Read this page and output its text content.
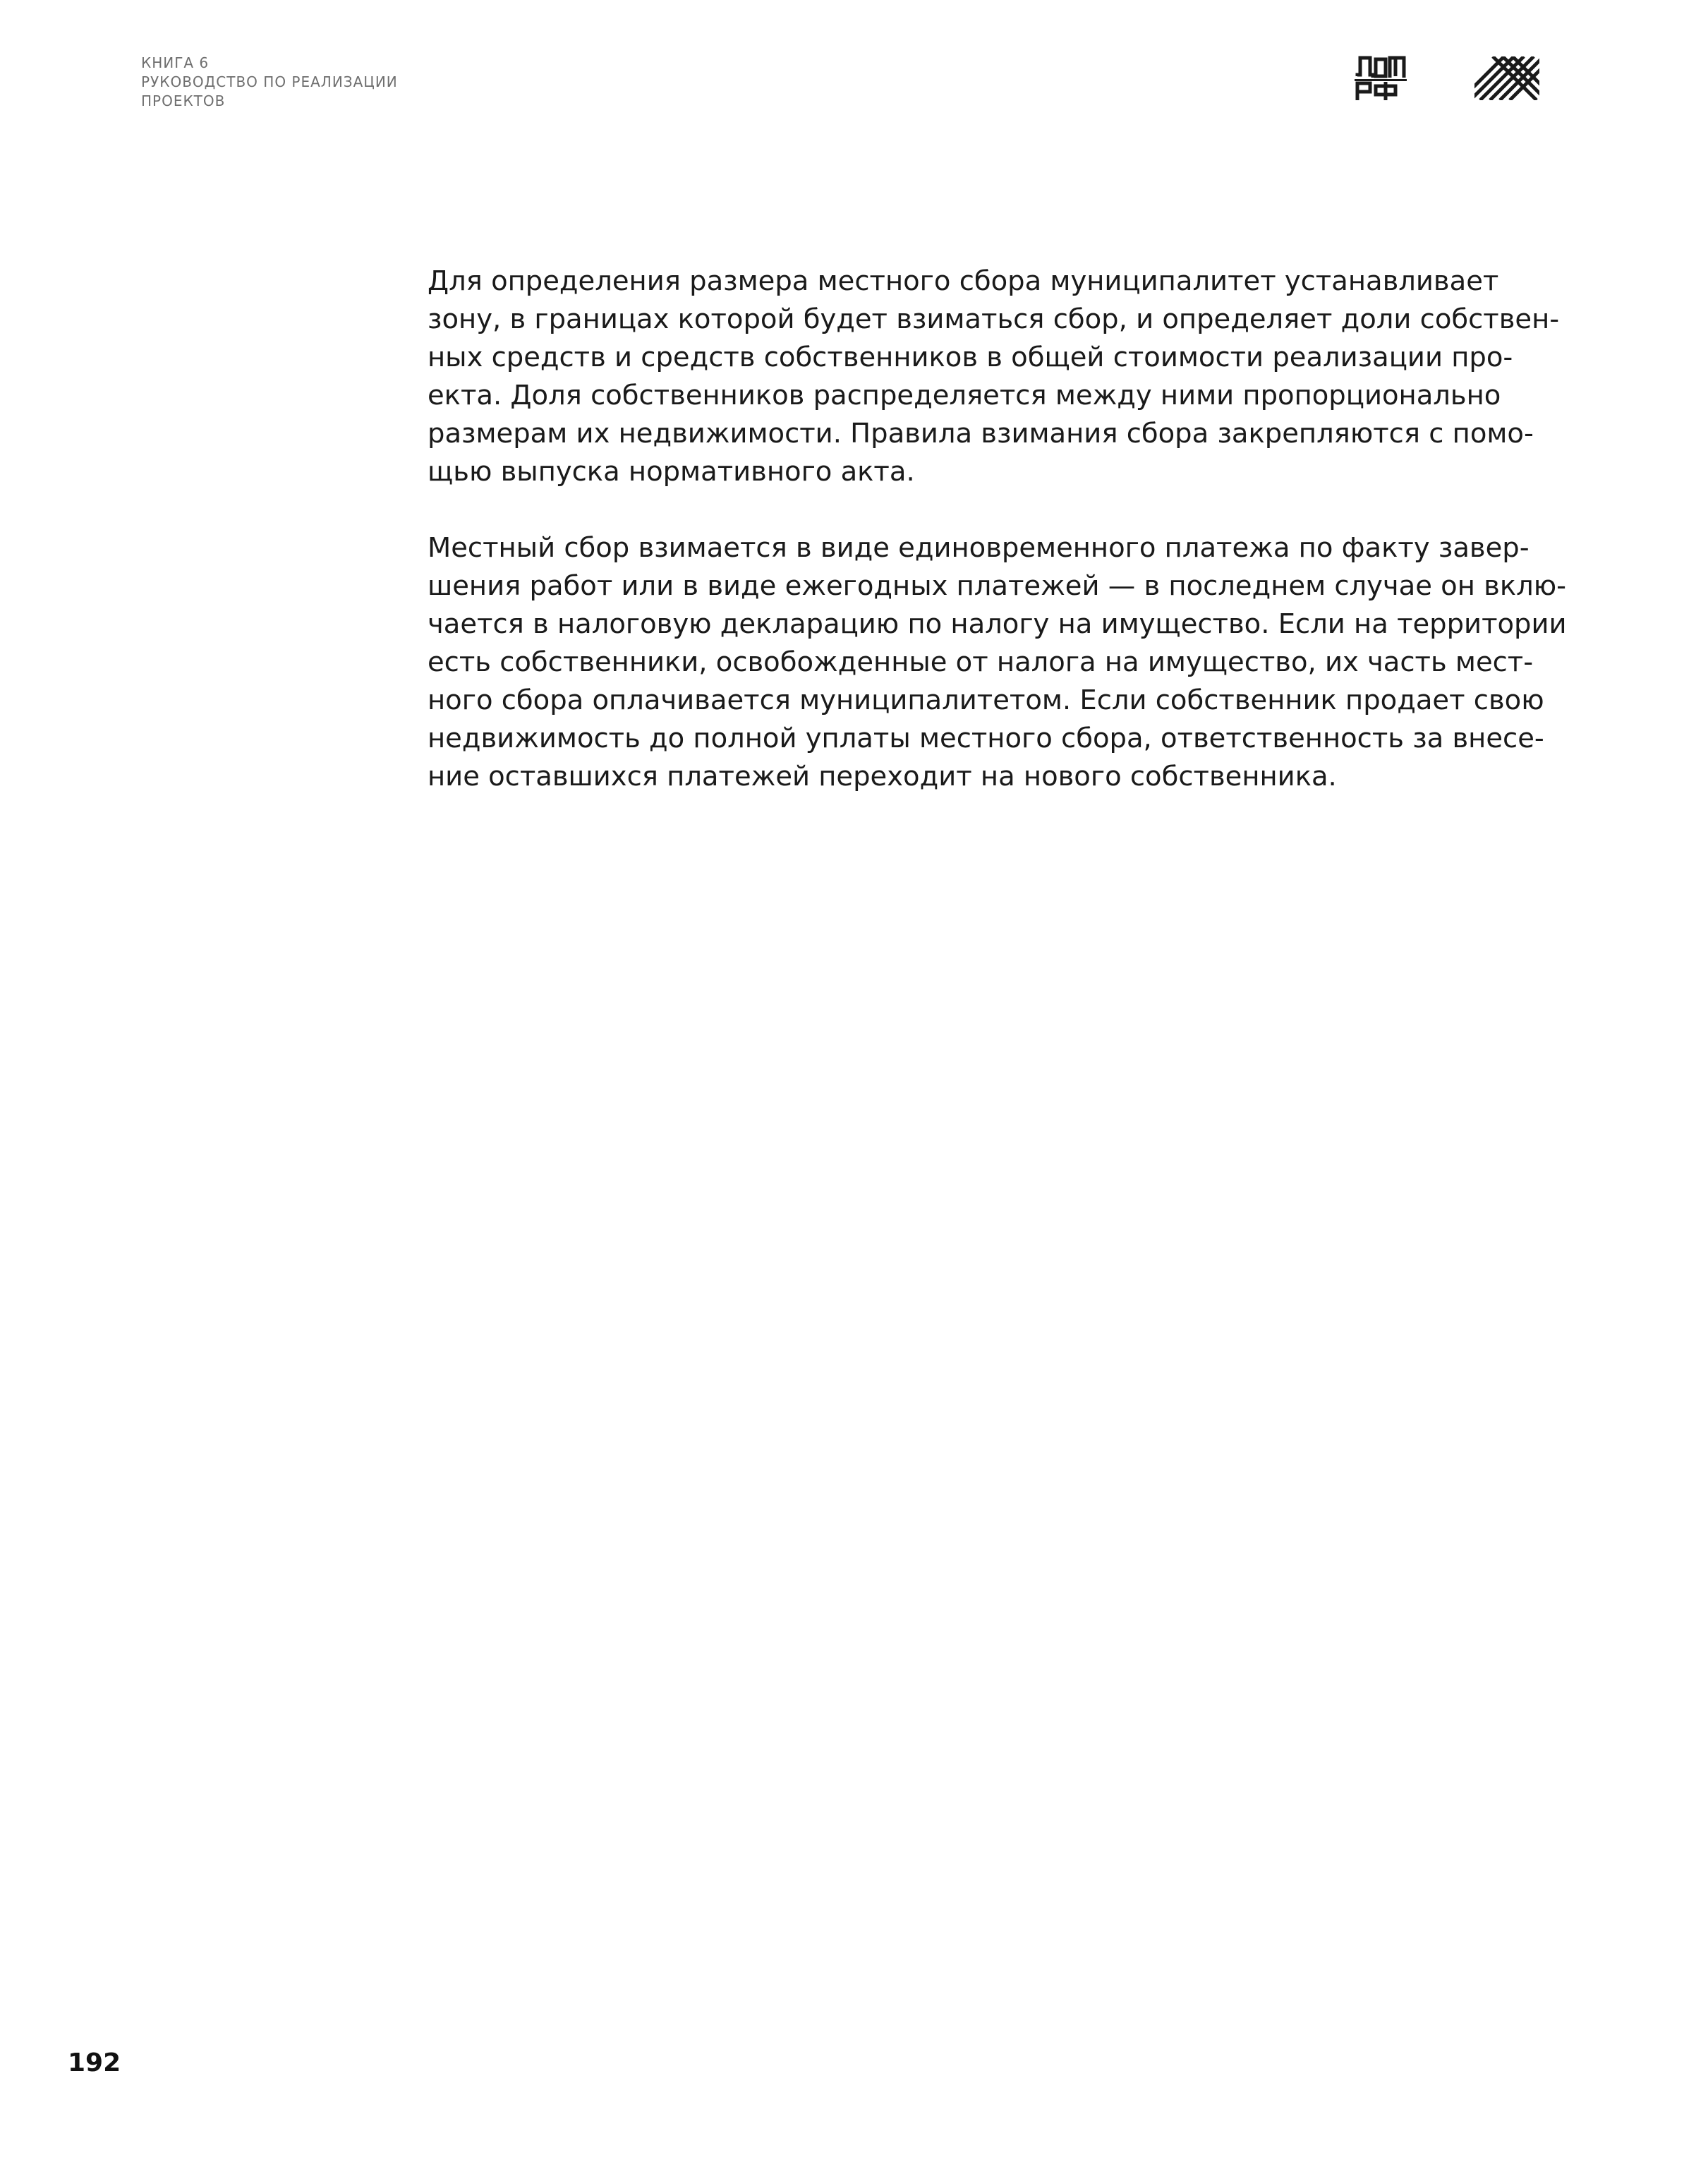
КНИГА 6
РУКОВОДСТВО ПО РЕАЛИЗАЦИИ
ПРОЕКТОВ

Для определения размера местного сбора муниципалитет устанавливает
зону, в границах которой будет взиматься сбор, и определяет доли собствен-
ных средств и средств собственников в общей стоимости реализации про-
екта. Доля собственников распределяется между ними пропорционально
размерам их недвижимости. Правила взимания сбора закрепляются с помо-
щью выпуска нормативного акта.

Местный сбор взимается в виде единовременного платежа по факту завер-
шения работ или в виде ежегодных платежей — в последнем случае он вклю-
чается в налоговую декларацию по налогу на имущество. Если на территории
есть собственники, освобожденные от налога на имущество, их часть мест-
ного сбора оплачивается муниципалитетом. Если собственник продает свою
недвижимость до полной уплаты местного сбора, ответственность за внесе-
ние оставшихся платежей переходит на нового собственника.

192
